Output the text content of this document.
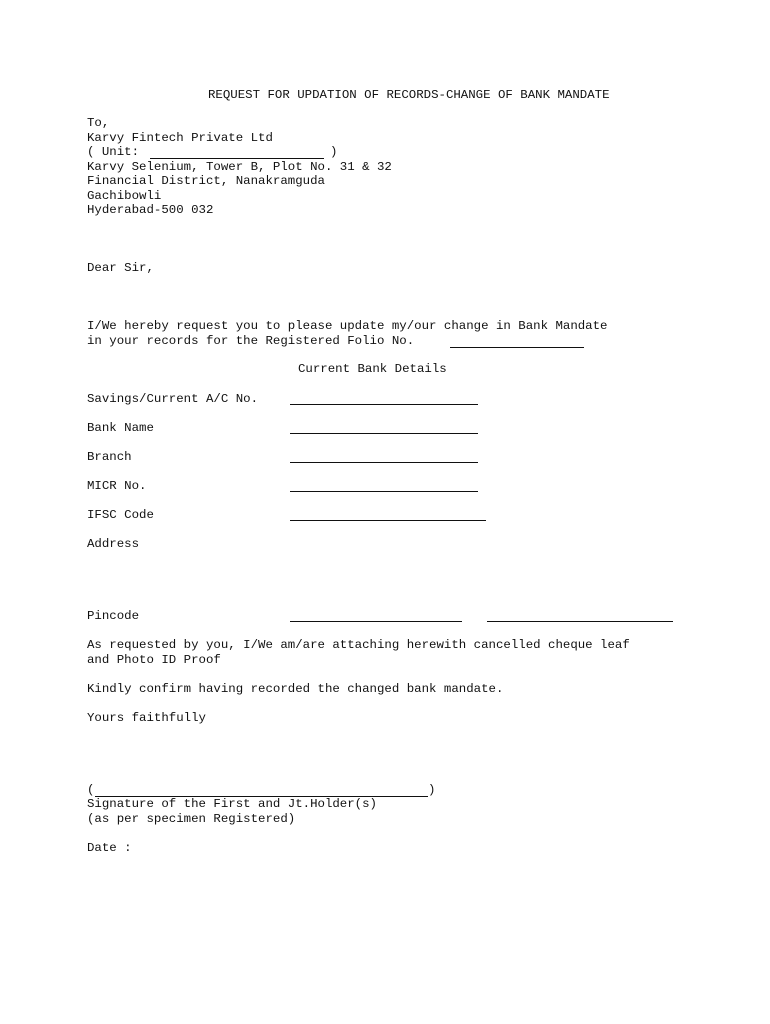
REQUEST FOR UPDATION OF RECORDS-CHANGE OF BANK MANDATE
To,
Karvy Fintech Private Ltd
( Unit:	)
Karvy Selenium, Tower B, Plot No. 31 & 32
Financial District, Nanakramguda
Gachibowli
Hyderabad-500 032
Dear Sir,
I/We hereby request you to please update my/our change in Bank Mandate
in your records for the Registered Folio No.
Current Bank Details
Savings/Current A/C No.
Bank Name
Branch
MICR No.
IFSC Code
Address
Pincode
As requested by you, I/We am/are attaching herewith cancelled cheque leaf
and Photo ID Proof
Kindly confirm having recorded the changed bank mandate.
Yours faithfully
(	)
Signature of the First and Jt.Holder(s)
(as per specimen Registered)
Date :
